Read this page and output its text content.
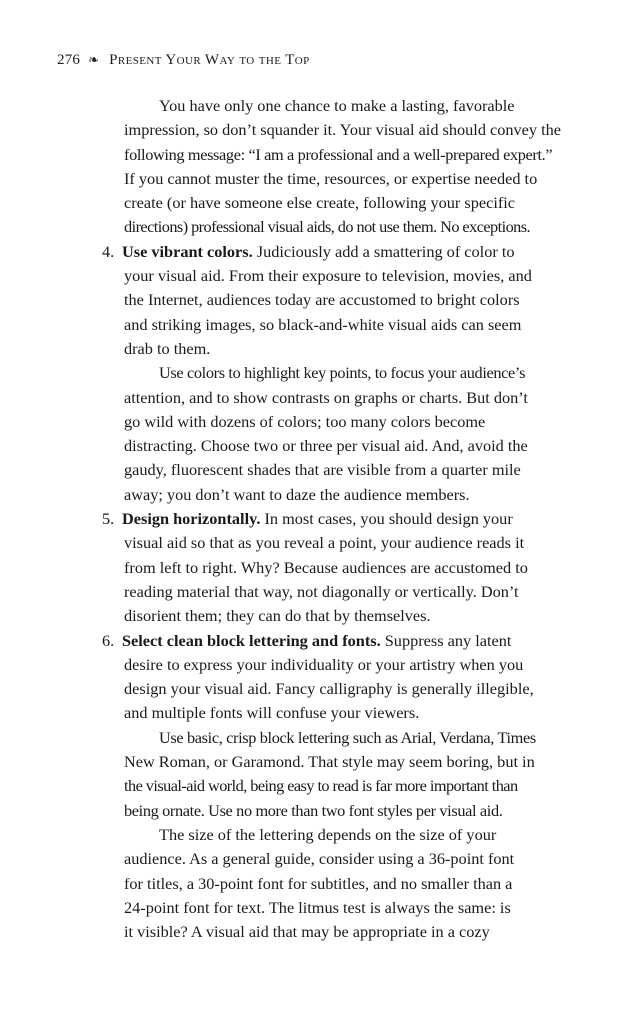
276 ❧ Present Your Way to the Top
You have only one chance to make a lasting, favorable
impression, so don’t squander it. Your visual aid should convey the
following message: “I am a professional and a well-prepared expert.”
If you cannot muster the time, resources, or expertise needed to
create (or have someone else create, following your specific
directions) professional visual aids, do not use them. No exceptions.
4. Use vibrant colors. Judiciously add a smattering of color to
your visual aid. From their exposure to television, movies, and
the Internet, audiences today are accustomed to bright colors
and striking images, so black-and-white visual aids can seem
drab to them.
Use colors to highlight key points, to focus your audience’s
attention, and to show contrasts on graphs or charts. But don’t
go wild with dozens of colors; too many colors become
distracting. Choose two or three per visual aid. And, avoid the
gaudy, fluorescent shades that are visible from a quarter mile
away; you don’t want to daze the audience members.
5. Design horizontally. In most cases, you should design your
visual aid so that as you reveal a point, your audience reads it
from left to right. Why? Because audiences are accustomed to
reading material that way, not diagonally or vertically. Don’t
disorient them; they can do that by themselves.
6. Select clean block lettering and fonts. Suppress any latent
desire to express your individuality or your artistry when you
design your visual aid. Fancy calligraphy is generally illegible,
and multiple fonts will confuse your viewers.
Use basic, crisp block lettering such as Arial, Verdana, Times
New Roman, or Garamond. That style may seem boring, but in
the visual-aid world, being easy to read is far more important than
being ornate. Use no more than two font styles per visual aid.
The size of the lettering depends on the size of your
audience. As a general guide, consider using a 36-point font
for titles, a 30-point font for subtitles, and no smaller than a
24-point font for text. The litmus test is always the same: is
it visible? A visual aid that may be appropriate in a cozy
